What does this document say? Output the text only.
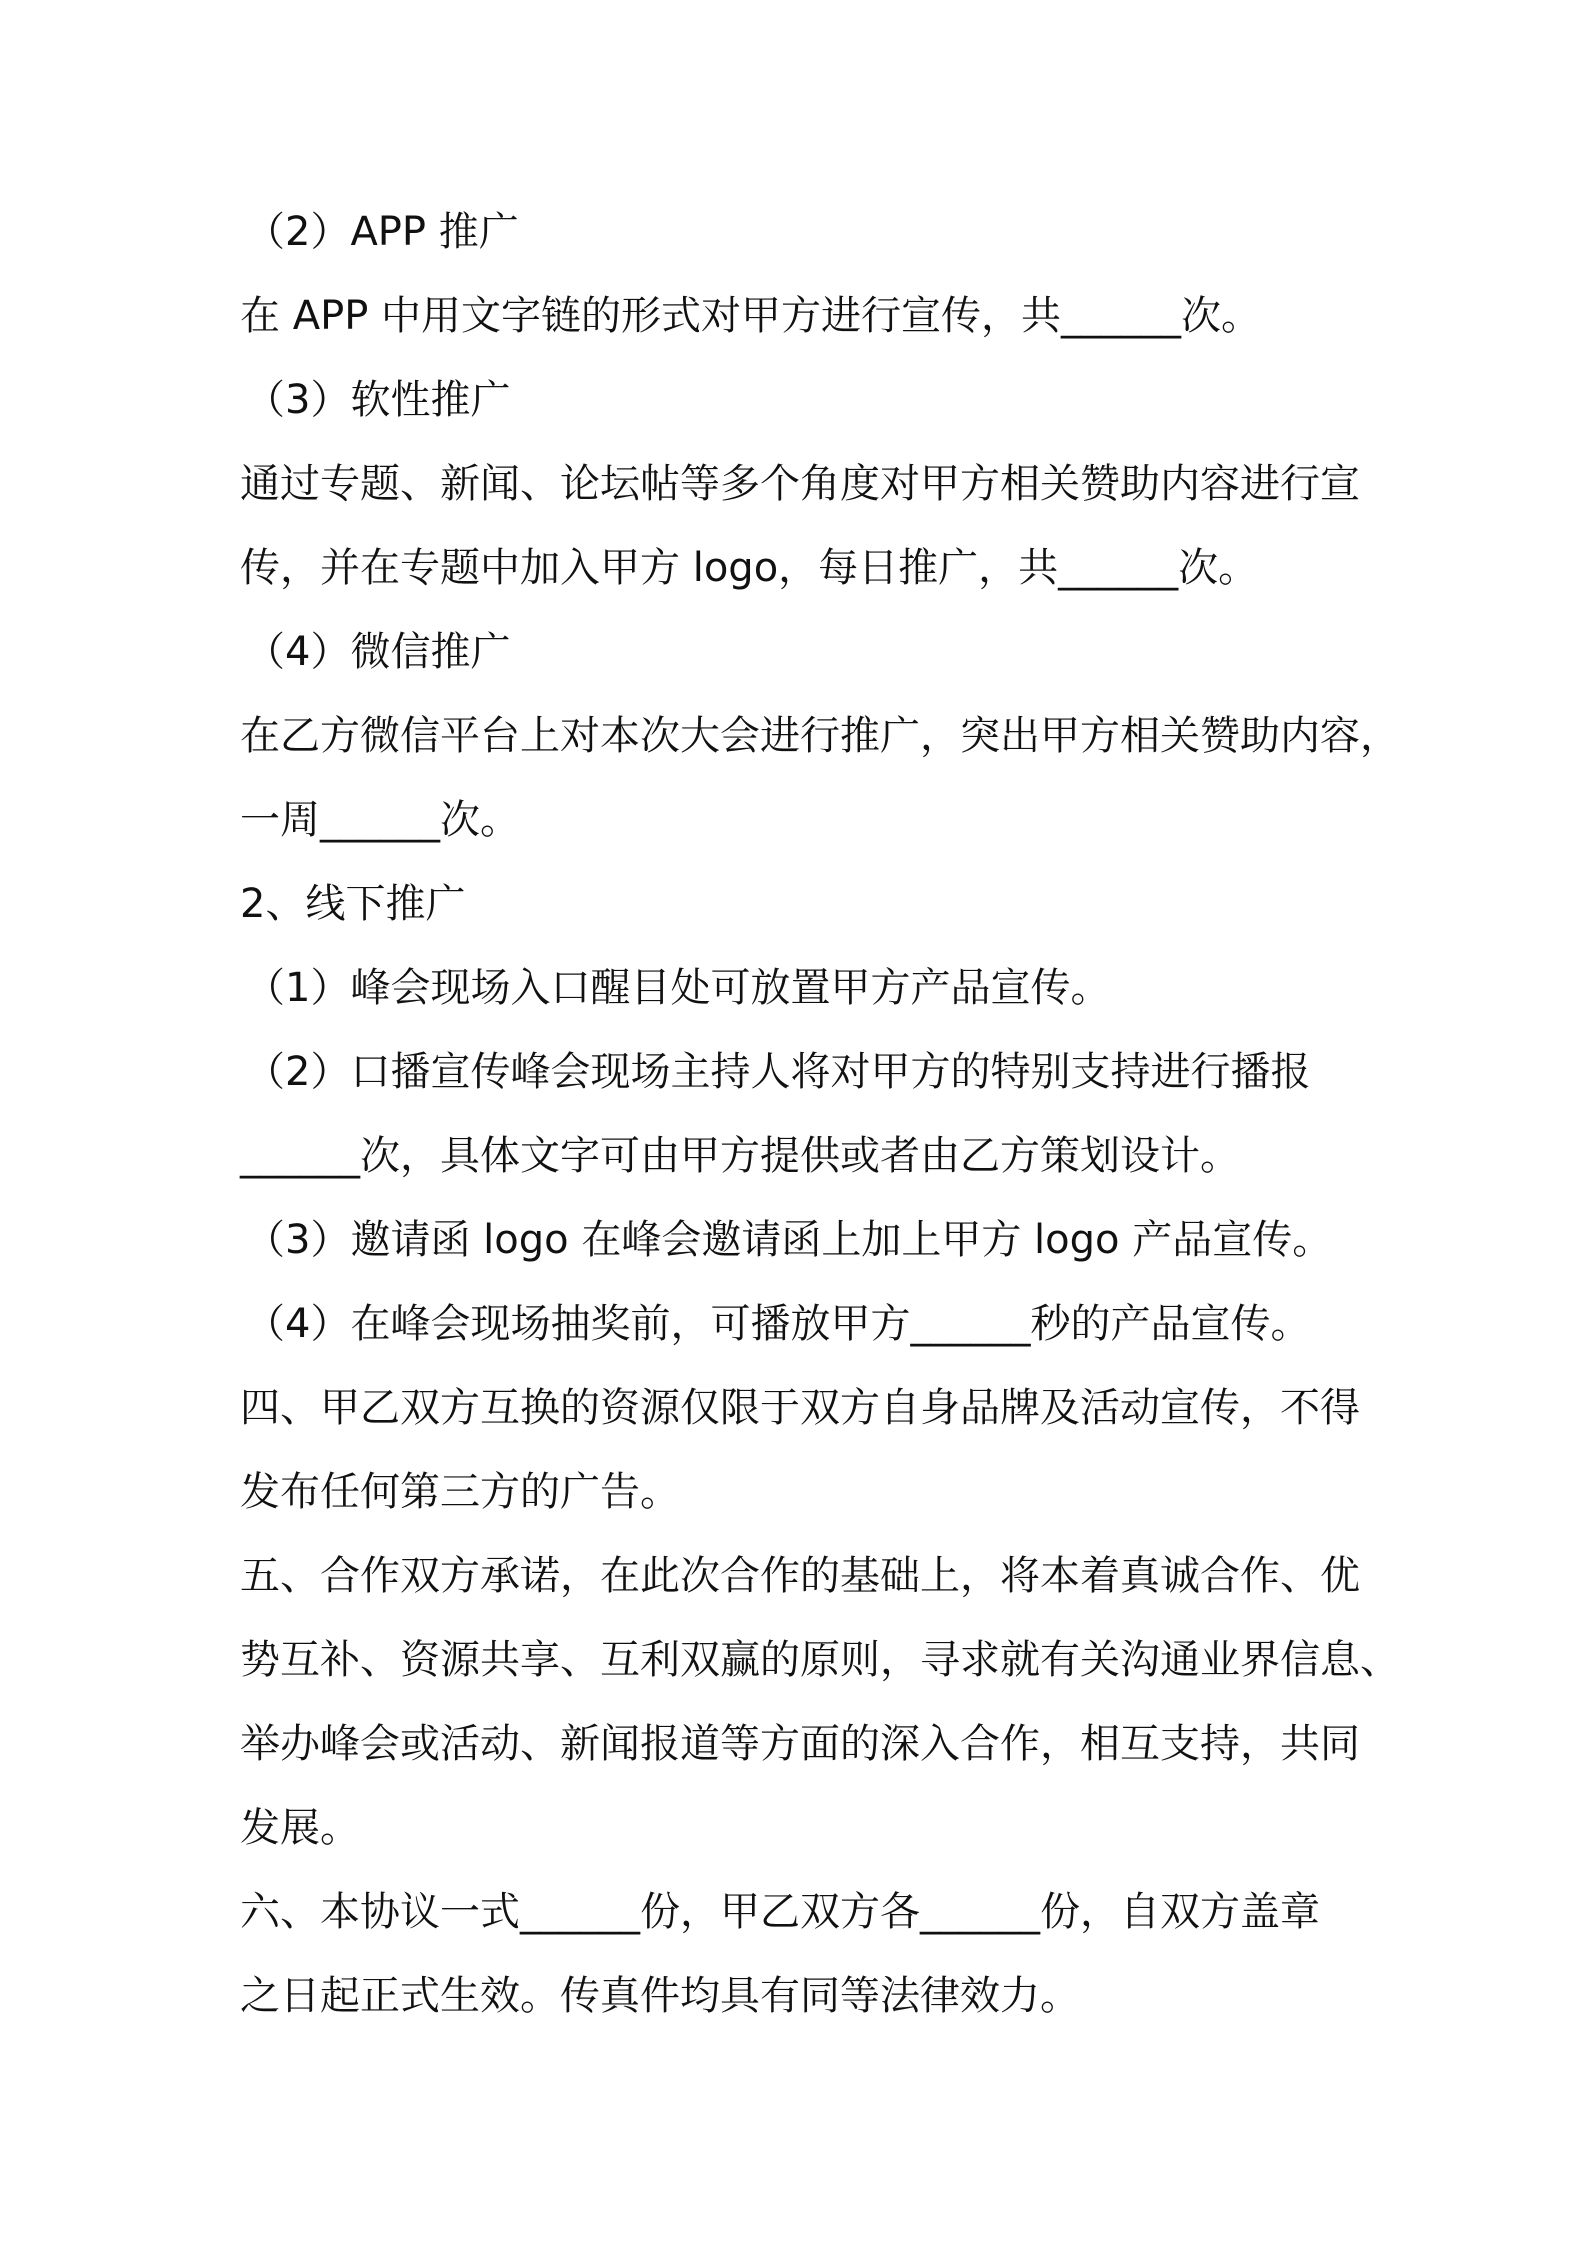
（2）APP 推广
在 APP 中用文字链的形式对甲方进行宣传，共______次。
（3）软性推广
通过专题、新闻、论坛帖等多个角度对甲方相关赞助内容进行宣
传，并在专题中加入甲方 logo，每日推广，共______次。
（4）微信推广
在乙方微信平台上对本次大会进行推广，突出甲方相关赞助内容，
一周______次。
2、线下推广
（1）峰会现场入口醒目处可放置甲方产品宣传。
（2）口播宣传峰会现场主持人将对甲方的特别支持进行播报
______次，具体文字可由甲方提供或者由乙方策划设计。
（3）邀请函 logo 在峰会邀请函上加上甲方 logo 产品宣传。
（4）在峰会现场抽奖前，可播放甲方______秒的产品宣传。
四、甲乙双方互换的资源仅限于双方自身品牌及活动宣传，不得
发布任何第三方的广告。
五、合作双方承诺，在此次合作的基础上，将本着真诚合作、优
势互补、资源共享、互利双赢的原则，寻求就有关沟通业界信息、
举办峰会或活动、新闻报道等方面的深入合作，相互支持，共同
发展。
六、本协议一式______份，甲乙双方各______份，自双方盖章
之日起正式生效。传真件均具有同等法律效力。
